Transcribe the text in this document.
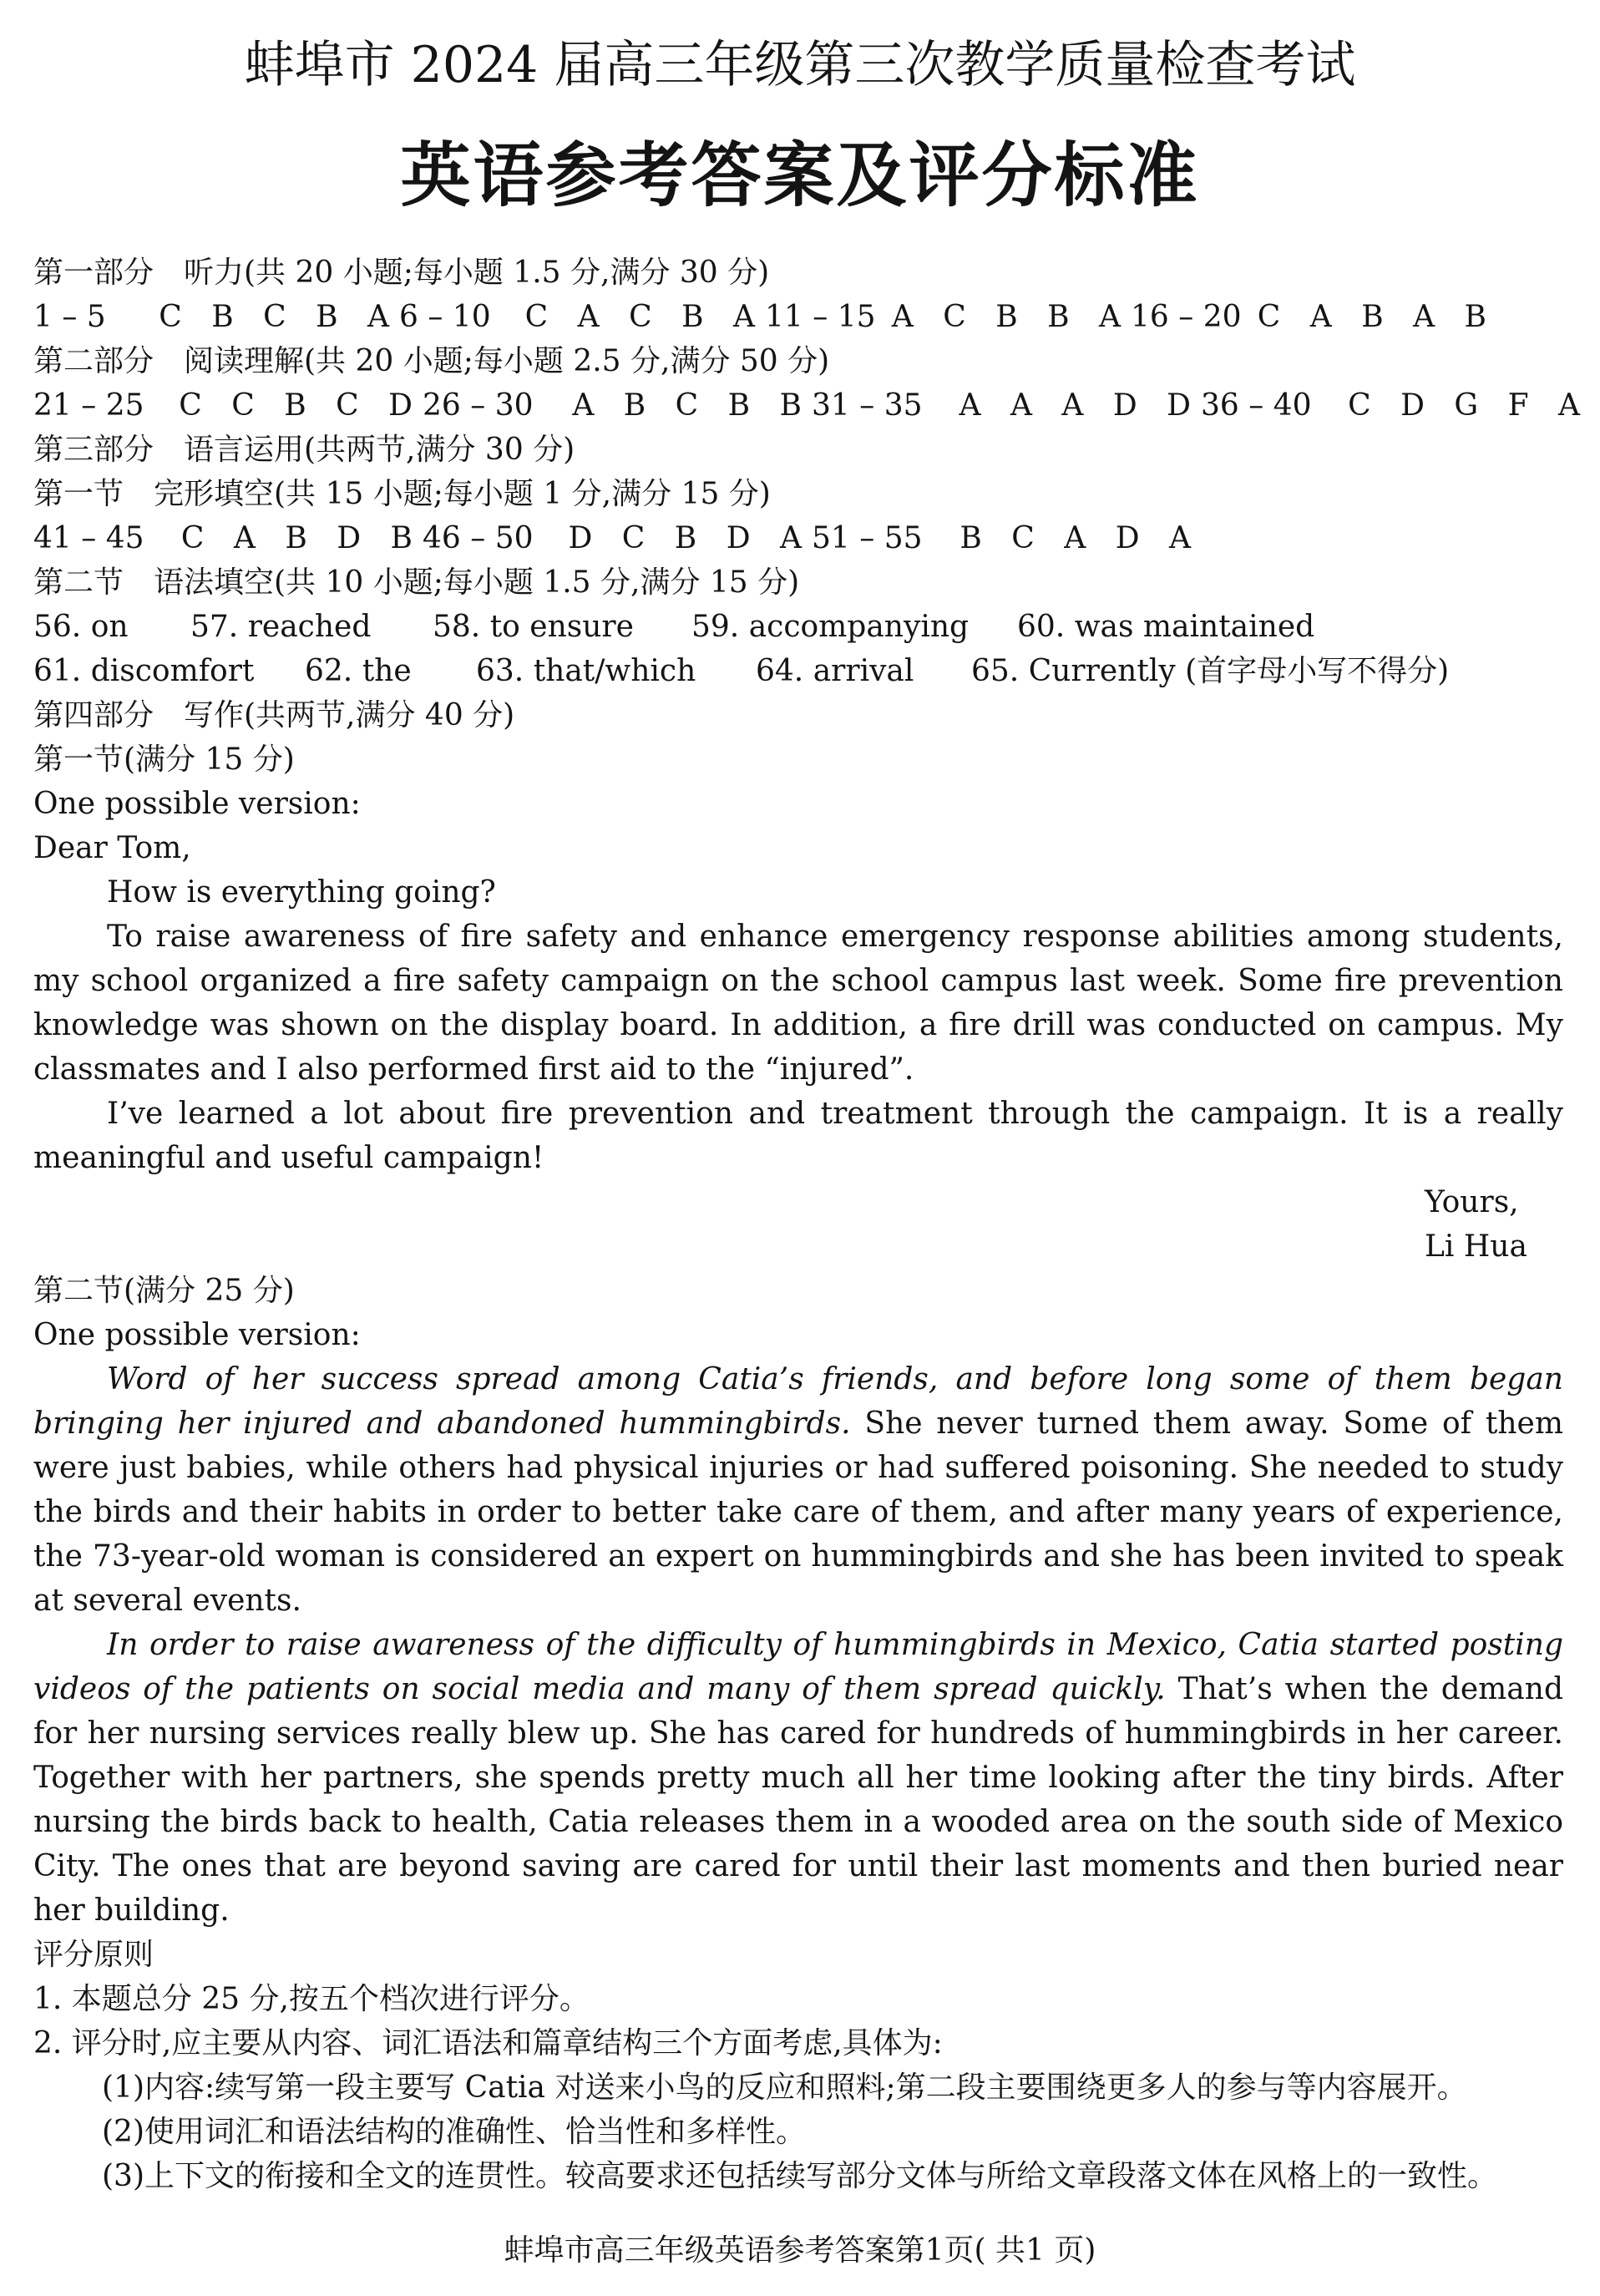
蚌埠市 2024 届高三年级第三次教学质量检查考试
英语参考答案及评分标准
第一部分　听力(共 20 小题;每小题 1.5 分,满分 30 分)
1 – 5	C B C B A 6 – 10	C A C B A 11 – 15 A C B B A 16 – 20 C A B A B
第二部分　阅读理解(共 20 小题;每小题 2.5 分,满分 50 分)
21 – 25	C C B C D 26 – 30	A B C B B 31 – 35	A A A D D 36 – 40	C D G F A
第三部分　语言运用(共两节,满分 30 分)
第一节　完形填空(共 15 小题;每小题 1 分,满分 15 分)
41 – 45	C A B D B 46 – 50	D C B D A 51 – 55	B C A D A
第二节　语法填空(共 10 小题;每小题 1.5 分,满分 15 分)
56. on	57. reached	58. to ensure	59. accompanying	60. was maintained
61. discomfort	62. the	63. that/which	64. arrival	65. Currently (首字母小写不得分)
第四部分　写作(共两节,满分 40 分)
第一节(满分 15 分)
One possible version:
Dear Tom,
How is everything going?
To raise awareness of fire safety and enhance emergency response abilities among students, my school organized a fire safety campaign on the school campus last week. Some fire prevention knowledge was shown on the display board. In addition, a fire drill was conducted on campus. My classmates and I also performed first aid to the “injured”.
I’ve learned a lot about fire prevention and treatment through the campaign. It is a really meaningful and useful campaign!
Yours,
Li Hua
第二节(满分 25 分)
One possible version:
Word of her success spread among Catia’s friends, and before long some of them began bringing her injured and abandoned hummingbirds. She never turned them away. Some of them were just babies, while others had physical injuries or had suffered poisoning. She needed to study the birds and their habits in order to better take care of them, and after many years of experience, the 73-year-old woman is considered an expert on hummingbirds and she has been invited to speak at several events.
In order to raise awareness of the difficulty of hummingbirds in Mexico, Catia started posting videos of the patients on social media and many of them spread quickly. That’s when the demand for her nursing services really blew up. She has cared for hundreds of hummingbirds in her career. Together with her partners, she spends pretty much all her time looking after the tiny birds. After nursing the birds back to health, Catia releases them in a wooded area on the south side of Mexico City. The ones that are beyond saving are cared for until their last moments and then buried near her building.
评分原则
1. 本题总分 25 分,按五个档次进行评分。
2. 评分时,应主要从内容、词汇语法和篇章结构三个方面考虑,具体为:
(1)内容:续写第一段主要写 Catia 对送来小鸟的反应和照料;第二段主要围绕更多人的参与等内容展开。
(2)使用词汇和语法结构的准确性、恰当性和多样性。
(3)上下文的衔接和全文的连贯性。较高要求还包括续写部分文体与所给文章段落文体在风格上的一致性。
蚌埠市高三年级英语参考答案第1页( 共1 页)
